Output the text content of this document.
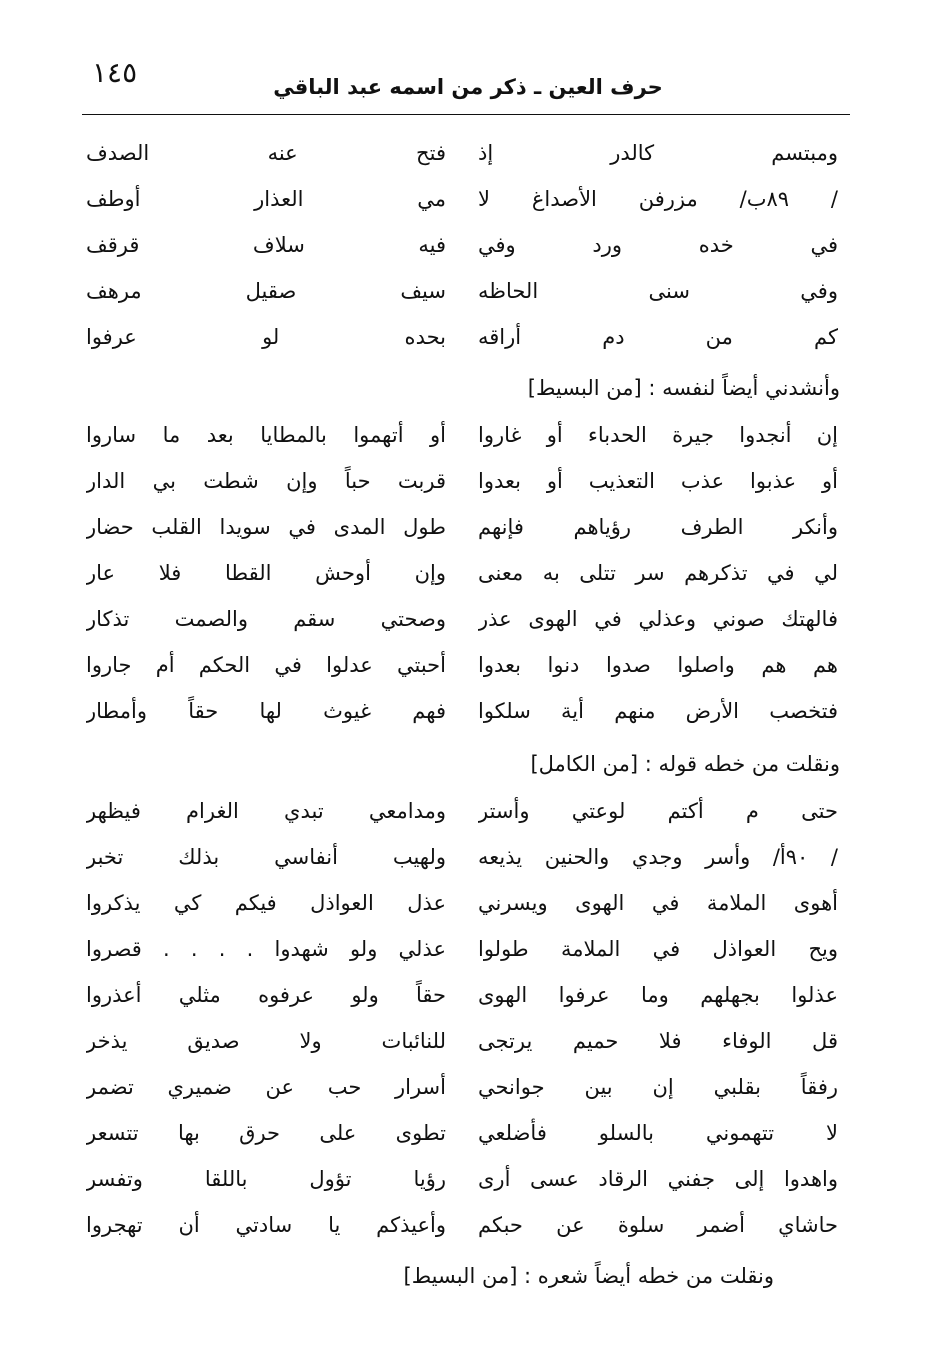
١٤٥	حرف العين ـ ذكر من اسمه عبد الباقي
ومبتسم كالدر إذ
فتح عنه الصدف
/ ٨٩ب/ مزرفن الأصداغ لا
مي العذار أوطف
في خده ورد وفي
فيه سلاف قرقف
وفي سنى الحاظه
سيف صقيل مرهف
كم من دم أراقه
بحده لو عرفوا
وأنشدني أيضاً لنفسه : [من البسيط]
إن أنجدوا جيرة الحدباء أو غاروا
أو أتهموا بالمطايا بعد ما ساروا
أو عذبوا عذب التعذيب أو بعدوا
قربت حباً وإن شطت بي الدار
وأنكر الطرف رؤياهم فإنهم
طول المدى في سويدا القلب حضار
لي في تذكرهم سر تتلى به معنى
وإن أوحش القطا فلا عار
فالهتك صوني وعذلي في الهوى عذر
وصحتي سقم والصمت تذكار
هم هم واصلوا صدوا دنوا بعدوا
أحبتي عدلوا في الحكم أم جاروا
فتخصب الأرض منهم أية سلكوا
فهم غيوث لها حقاً وأمطار
ونقلت من خطه قوله : [من الكامل]
حتى م أكتم لوعتي وأستر
ومدامعي تبدي الغرام فيظهر
/ ٩٠أ/ وأسر وجدي والحنين يذيعه
ولهيب أنفاسي بذلك تخبر
أهوى الملامة في الهوى ويسرني
عذل العواذل فيكم كي يذكروا
ويح العواذل في الملامة طولوا
عذلي ولو شهدوا . . . . قصروا
عذلوا بجهلهم وما عرفوا الهوى
حقاً ولو عرفوه مثلي أعذروا
قل الوفاء فلا حميم يرتجى
للنائبات ولا صديق يذخر
رفقاً بقلبي إن بين جوانحي
أسرار حب عن ضميري تضمر
لا تتهموني بالسلو فأضلعي
تطوى على حرق بها تتسعر
واهدوا إلى جفني الرقاد عسى أرى
رؤيا تؤول باللقا وتفسر
حاشاي أضمر سلوة عن حبكم
وأعيذكم يا سادتي أن تهجروا
ونقلت من خطه أيضاً شعره : [من البسيط]
